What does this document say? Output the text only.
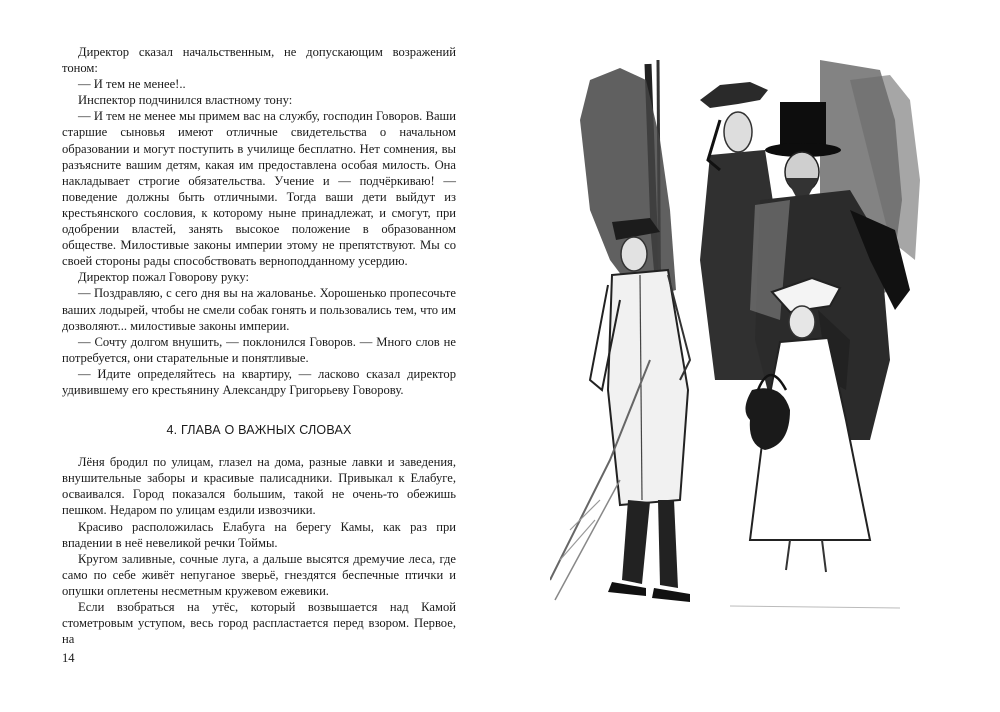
Директор сказал начальственным, не допускающим возражений тоном:

— И тем не менее!..

Инспектор подчинился властному тону:

— И тем не менее мы примем вас на службу, господин Говоров. Ваши старшие сыновья имеют отличные свидетельства о начальном образовании и могут поступить в училище бесплатно. Нет сомнения, вы разъясните вашим детям, какая им предоставлена особая милость. Она накладывает строгие обязательства. Учение и — подчёркиваю! — поведение должны быть отличными. Тогда ваши дети выйдут из крестьянского сословия, к которому ныне принадлежат, и смогут, при одобрении властей, занять высокое положение в образованном обществе. Милостивые законы империи этому не препятствуют. Мы со своей стороны рады способствовать верноподданному усердию.

Директор пожал Говорову руку:

— Поздравляю, с сего дня вы на жалованье. Хорошенько пропесочьте ваших лодырей, чтобы не смели собак гонять и пользовались тем, что им дозволяют... милостивые законы империи.

— Сочту долгом внушить, — поклонился Говоров. — Много слов не потребуется, они старательные и понятливые.

— Идите определяйтесь на квартиру, — ласково сказал директор удивившему его крестьянину Александру Григорьеву Говорову.

4. ГЛАВА О ВАЖНЫХ СЛОВАХ

Лёня бродил по улицам, глазел на дома, разные лавки и заведения, внушительные заборы и красивые палисадники. Привыкал к Елабуге, осваивался. Город показался большим, такой не очень-то обежишь пешком. Недаром по улицам ездили извозчики.

Красиво расположилась Елабуга на берегу Камы, как раз при впадении в неё невеликой речки Тоймы.

Кругом заливные, сочные луга, а дальше высятся дремучие леса, где само по себе живёт непуганое зверьё, гнездятся беспечные птички и опушки оплетены несметным кружевом ежевики.

Если взобраться на утёс, который возвышается над Камой стометровым уступом, весь город распластается перед взором. Первое, на

14
